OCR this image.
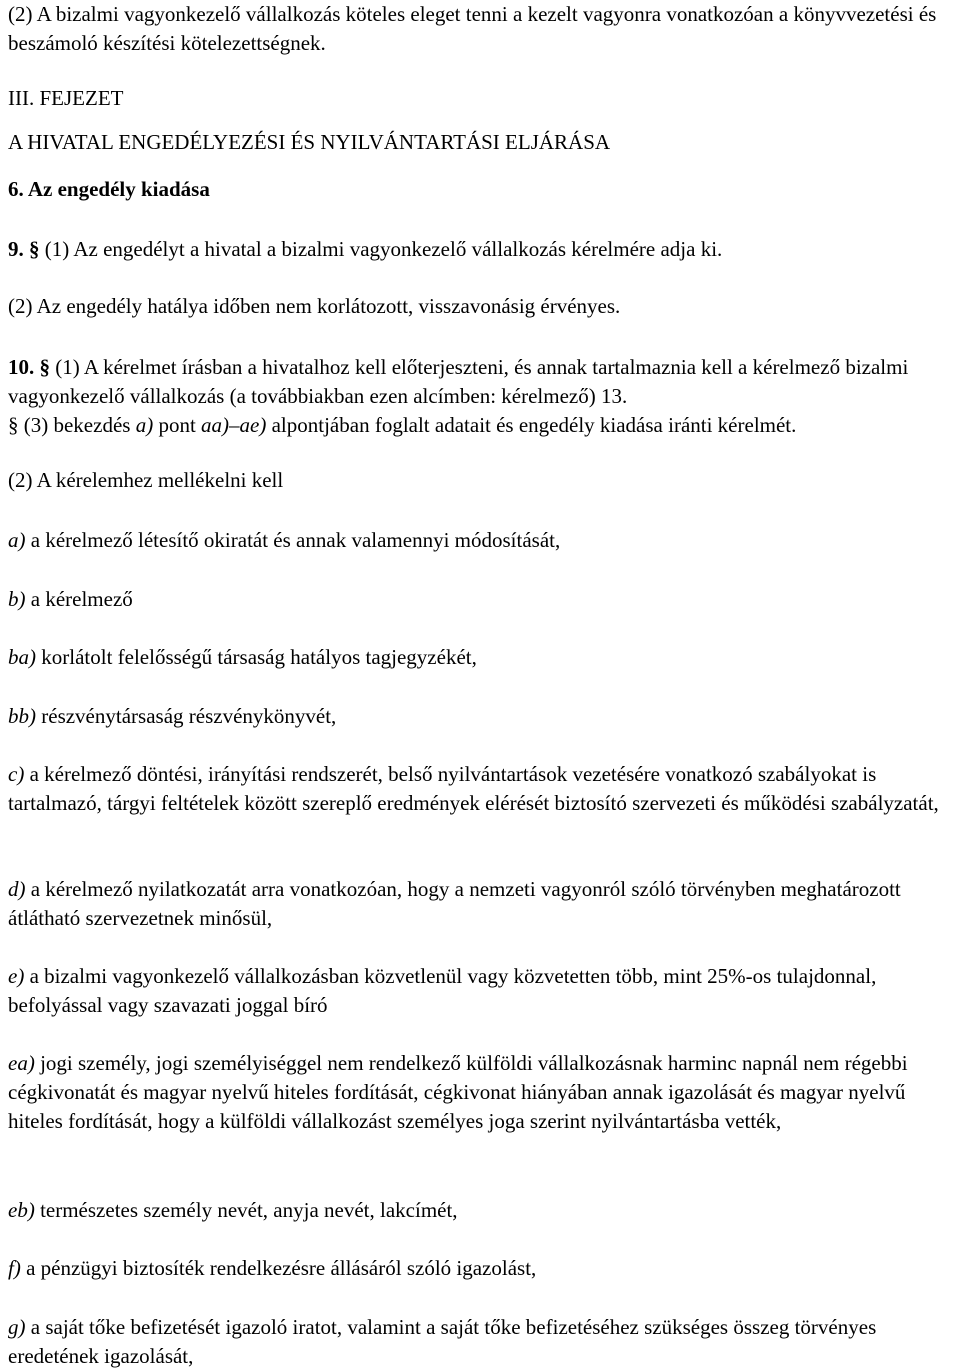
(2) A bizalmi vagyonkezelő vállalkozás köteles eleget tenni a kezelt vagyonra vonatkozóan a könyvvezetési és beszámoló készítési kötelezettségnek.

III. FEJEZET

A HIVATAL ENGEDÉLYEZÉSI ÉS NYILVÁNTARTÁSI ELJÁRÁSA

6. Az engedély kiadása

9. § (1) Az engedélyt a hivatal a bizalmi vagyonkezelő vállalkozás kérelmére adja ki.

(2) Az engedély hatálya időben nem korlátozott, visszavonásig érvényes.

10. § (1) A kérelmet írásban a hivatalhoz kell előterjeszteni, és annak tartalmaznia kell a kérelmező bizalmi vagyonkezelő vállalkozás (a továbbiakban ezen alcímben: kérelmező) 13.
§ (3) bekezdés a) pont aa)–ae) alpontjában foglalt adatait és engedély kiadása iránti kérelmét.

(2) A kérelemhez mellékelni kell

a) a kérelmező létesítő okiratát és annak valamennyi módosítását,

b) a kérelmező

ba) korlátolt felelősségű társaság hatályos tagjegyzékét,

bb) részvénytársaság részvénykönyvét,

c) a kérelmező döntési, irányítási rendszerét, belső nyilvántartások vezetésére vonatkozó szabályokat is tartalmazó, tárgyi feltételek között szereplő eredmények elérését biztosító szervezeti és működési szabályzatát,

d) a kérelmező nyilatkozatát arra vonatkozóan, hogy a nemzeti vagyonról szóló törvényben meghatározott átlátható szervezetnek minősül,

e) a bizalmi vagyonkezelő vállalkozásban közvetlenül vagy közvetetten több, mint 25%-os tulajdonnal, befolyással vagy szavazati joggal bíró

ea) jogi személy, jogi személyiséggel nem rendelkező külföldi vállalkozásnak harminc napnál nem régebbi cégkivonatát és magyar nyelvű hiteles fordítását, cégkivonat hiányában annak igazolását és magyar nyelvű hiteles fordítását, hogy a külföldi vállalkozást személyes joga szerint nyilvántartásba vették,

eb) természetes személy nevét, anyja nevét, lakcímét,

f) a pénzügyi biztosíték rendelkezésre állásáról szóló igazolást,

g) a saját tőke befizetését igazoló iratot, valamint a saját tőke befizetéséhez szükséges összeg törvényes eredetének igazolását,
